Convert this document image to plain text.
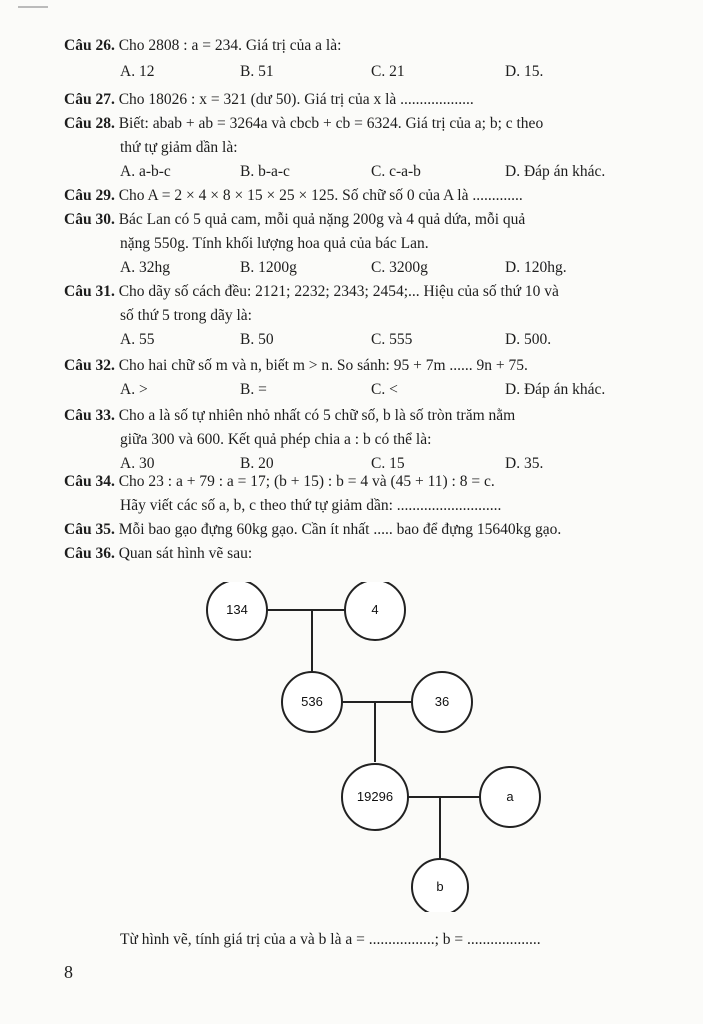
Câu 26. Cho 2808 : a = 234. Giá trị của a là:
A. 12	B. 51	C. 21	D. 15.
Câu 27. Cho 18026 : x = 321 (dư 50). Giá trị của x là ...................
Câu 28. Biết: abab + ab = 3264a và cbcb + cb = 6324. Giá trị của a; b; c theo
thứ tự giảm dần là:
A. a-b-c	B. b-a-c	C. c-a-b	D. Đáp án khác.
Câu 29. Cho A = 2 × 4 × 8 × 15 × 25 × 125. Số chữ số 0 của A là .............
Câu 30. Bác Lan có 5 quả cam, mỗi quả nặng 200g và 4 quả dứa, mỗi quả
nặng 550g. Tính khối lượng hoa quả của bác Lan.
A. 32hg	B. 1200g	C. 3200g	D. 120hg.
Câu 31. Cho dãy số cách đều: 2121; 2232; 2343; 2454;... Hiệu của số thứ 10 và
số thứ 5 trong dãy là:
A. 55	B. 50	C. 555	D. 500.
Câu 32. Cho hai chữ số m và n, biết m > n. So sánh: 95 + 7m ...... 9n + 75.
A. >	B. =	C. <	D. Đáp án khác.
Câu 33. Cho a là số tự nhiên nhỏ nhất có 5 chữ số, b là số tròn trăm nằm
giữa 300 và 600. Kết quả phép chia a : b có thể là:
A. 30	B. 20	C. 15	D. 35.
Câu 34. Cho 23 : a + 79 : a = 17; (b + 15) : b = 4 và (45 + 11) : 8 = c.
Hãy viết các số a, b, c theo thứ tự giảm dần: ...........................
Câu 35. Mỗi bao gạo đựng 60kg gạo. Cần ít nhất ..... bao để đựng 15640kg gạo.
Câu 36. Quan sát hình vẽ sau:
134	4
536	36
19296	a
b
Từ hình vẽ, tính giá trị của a và b là a = .................; b = ...................
8
